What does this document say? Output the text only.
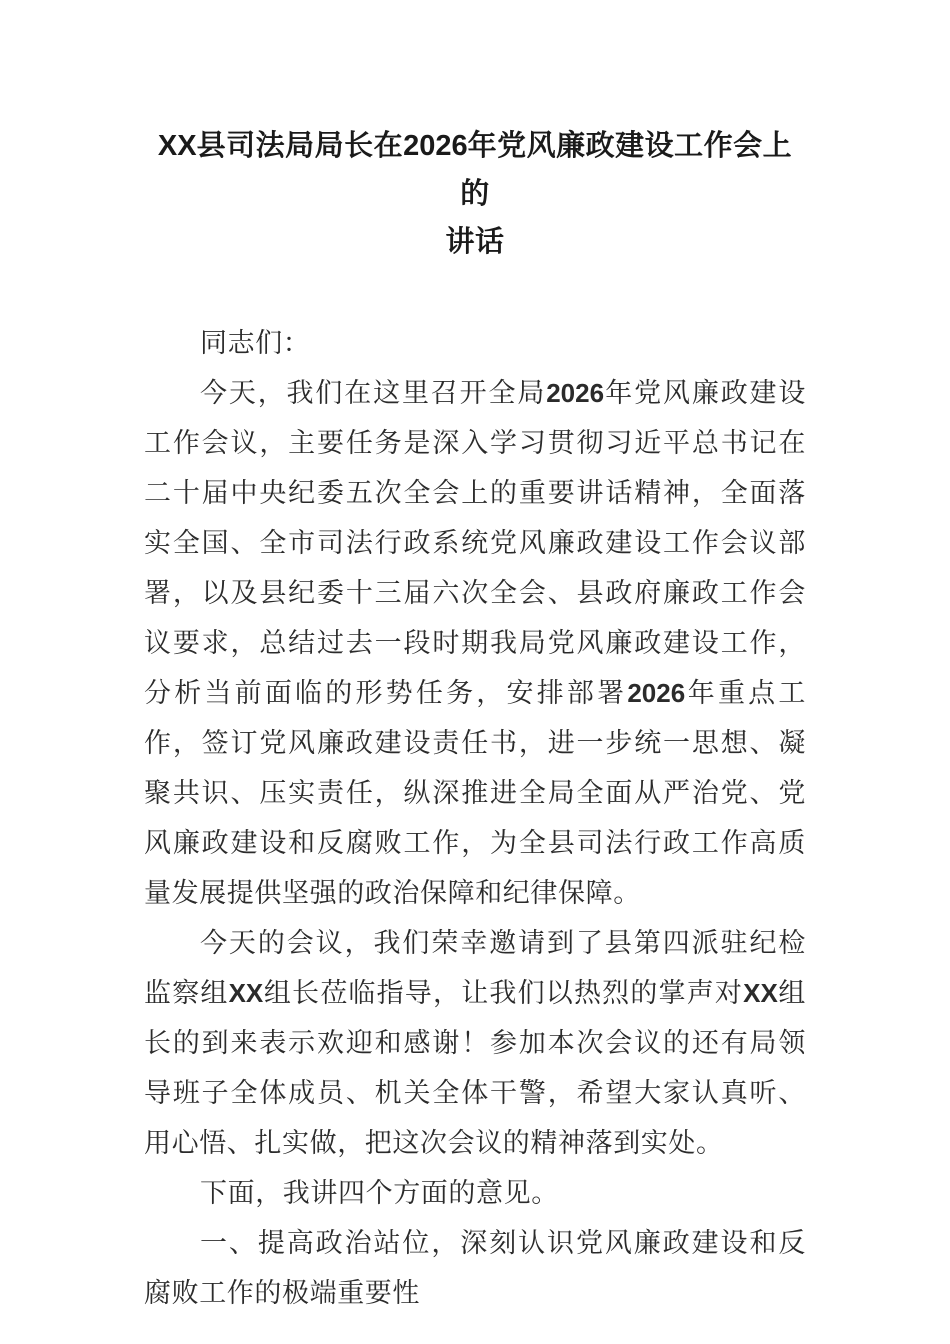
XX县司法局局长在2026年党风廉政建设工作会上的
讲话

同志们：

今天，我们在这里召开全局2026年党风廉政建设工作会议，主要任务是深入学习贯彻习近平总书记在二十届中央纪委五次全会上的重要讲话精神，全面落实全国、全市司法行政系统党风廉政建设工作会议部署，以及县纪委十三届六次全会、县政府廉政工作会议要求，总结过去一段时期我局党风廉政建设工作，分析当前面临的形势任务，安排部署2026年重点工作，签订党风廉政建设责任书，进一步统一思想、凝聚共识、压实责任，纵深推进全局全面从严治党、党风廉政建设和反腐败工作，为全县司法行政工作高质量发展提供坚强的政治保障和纪律保障。

今天的会议，我们荣幸邀请到了县第四派驻纪检监察组XX组长莅临指导，让我们以热烈的掌声对XX组长的到来表示欢迎和感谢！参加本次会议的还有局领导班子全体成员、机关全体干警，希望大家认真听、用心悟、扎实做，把这次会议的精神落到实处。

下面，我讲四个方面的意见。

一、提高政治站位，深刻认识党风廉政建设和反腐败工作的极端重要性
